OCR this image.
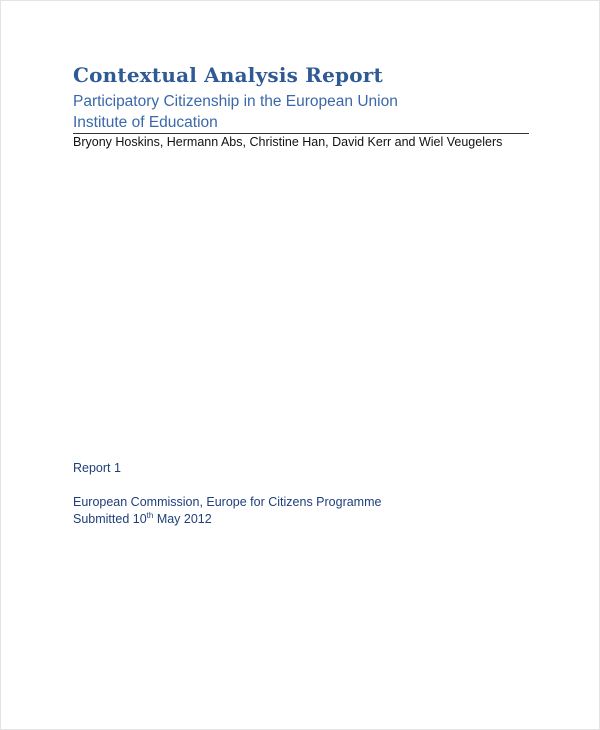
Contextual Analysis Report
Participatory Citizenship in the European Union
Institute of Education
Bryony Hoskins, Hermann Abs, Christine Han, David Kerr and Wiel Veugelers
Report 1
European Commission, Europe for Citizens Programme
Submitted 10th May 2012
